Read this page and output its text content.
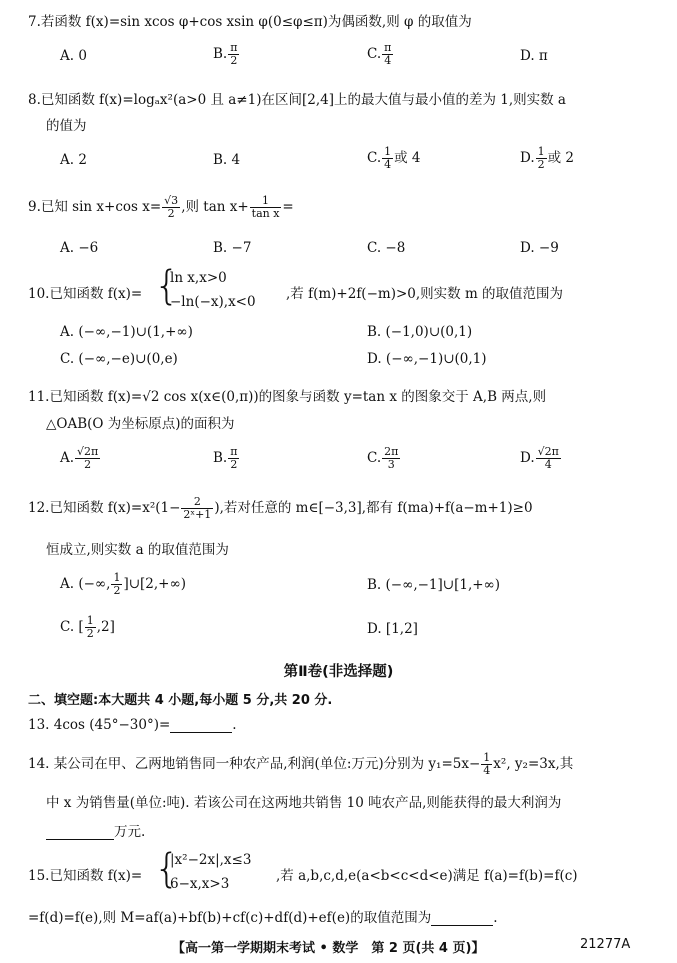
7.若函数 f(x)=sin xcos φ+cos xsin φ(0≤φ≤π)为偶函数,则 φ 的取值为
A. 0	B. $\frac{\pi}{2}$	C. $\frac{\pi}{4}$	D. π
8.已知函数 f(x)=logₐx²(a>0 且 a≠1)在区间[2,4]上的最大值与最小值的差为 1,则实数 a
的值为
A. 2	B. 4	C. $\frac{1}{4}$ 或 4	D. $\frac{1}{2}$ 或 2
9.已知 sin x+cos $x= \frac{√3}{2}$ ,则 $\tan x+ \frac{1}{\text{tan x}}$ =
A. −6	B. −7	C. −8	D. −9
10.已知函数 f(x)= {
ln x,x>0
−ln(−x),x<0 ,若 f(m)+2f(−m)>0,则实数 m 的取值范围为
A. (−∞,−1)∪(1,+∞)	B. (−1,0)∪(0,1)
C. (−∞,−e)∪(0,e)	D. (−∞,−1)∪(0,1)
11.已知函数 f(x)=√2 cos x(x∈(0,π))的图象与函数 y=tan x 的图象交于 A,B 两点,则
△OAB(O 为坐标原点)的面积为
A. $\frac{√2\pi}{2}$	B. $\frac{\pi}{2}$	C. $\frac{2\pi}{3}$	D. $\frac{√2\pi}{4}$
12.已知函数 $f(x)=x^2(1- \frac{2}{\text{2ˣ+1}}$ ),若对任意的 m∈[−3,3],都有 f(ma)+f(a−m+1)≥0
恒成立,则实数 a 的取值范围为
A. (−∞, $\frac{1}{2}$ ]∪[2,+∞)	B. (−∞,−1]∪[1,+∞)
C. [ $\frac{1}{2} ,2$]	D. [1,2]
第Ⅱ卷(非选择题)
二、填空题:本大题共 4 小题,每小题 5 分,共 20 分.
13. 4cos (45°−30°)=	.
14. 某公司在甲、乙两地销售同一种农产品,利润(单位:万元)分别为 $y_1=5x- \frac{1}{4} x^2$, y₂=3x,其
中 x 为销售量(单位:吨). 若该公司在这两地共销售 10 吨农产品,则能获得的最大利润为
万元.
15.已知函数 f(x)= {
|x²−2x|,x≤3
6−x,x>3	,若 a,b,c,d,e(a<b<c<d<e)满足 f(a)=f(b)=f(c)
=f(d)=f(e),则 M=af(a)+bf(b)+cf(c)+df(d)+ef(e)的取值范围为	.
【高一第一学期期末考试 • 数学　第 2 页(共 4 页)】	21277A
